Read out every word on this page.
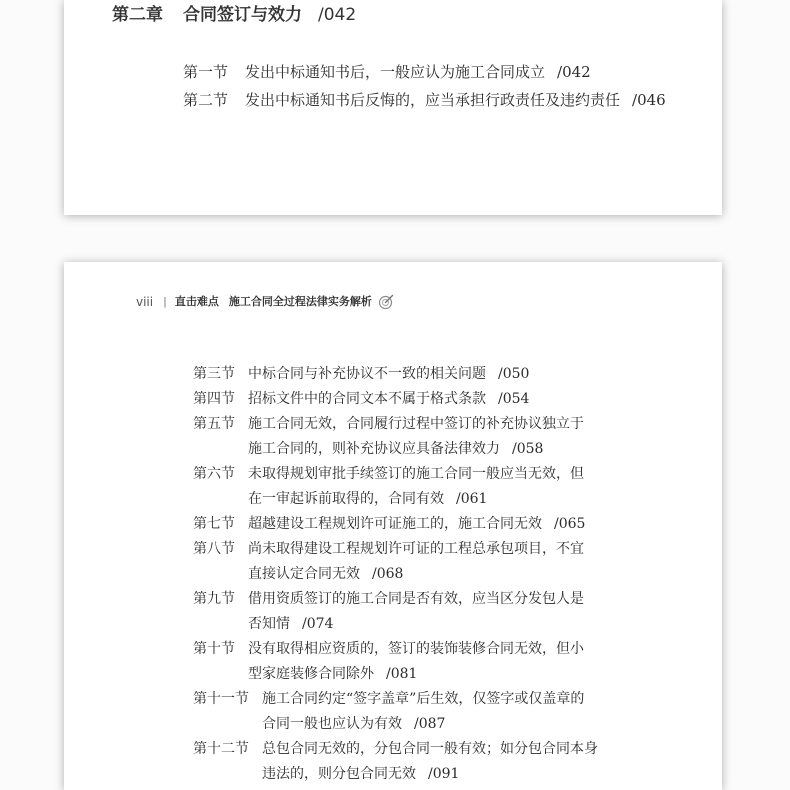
第二章 合同签订与效力 /042
第一节	发出中标通知书后，一般应认为施工合同成立 /042
第二节	发出中标通知书后反悔的，应当承担行政责任及违约责任 /046
viii | 直击难点 施工合同全过程法律实务解析
第三节 中标合同与补充协议不一致的相关问题 /050
第四节 招标文件中的合同文本不属于格式条款 /054
第五节 施工合同无效，合同履行过程中签订的补充协议独立于
施工合同的，则补充协议应具备法律效力 /058
第六节 未取得规划审批手续签订的施工合同一般应当无效，但
在一审起诉前取得的，合同有效 /061
第七节 超越建设工程规划许可证施工的，施工合同无效 /065
第八节 尚未取得建设工程规划许可证的工程总承包项目，不宜
直接认定合同无效 /068
第九节 借用资质签订的施工合同是否有效，应当区分发包人是
否知情 /074
第十节 没有取得相应资质的，签订的装饰装修合同无效，但小
型家庭装修合同除外 /081
第十一节 施工合同约定“签字盖章”后生效，仅签字或仅盖章的
合同一般也应认为有效 /087
第十二节 总包合同无效的，分包合同一般有效；如分包合同本身
违法的，则分包合同无效 /091
